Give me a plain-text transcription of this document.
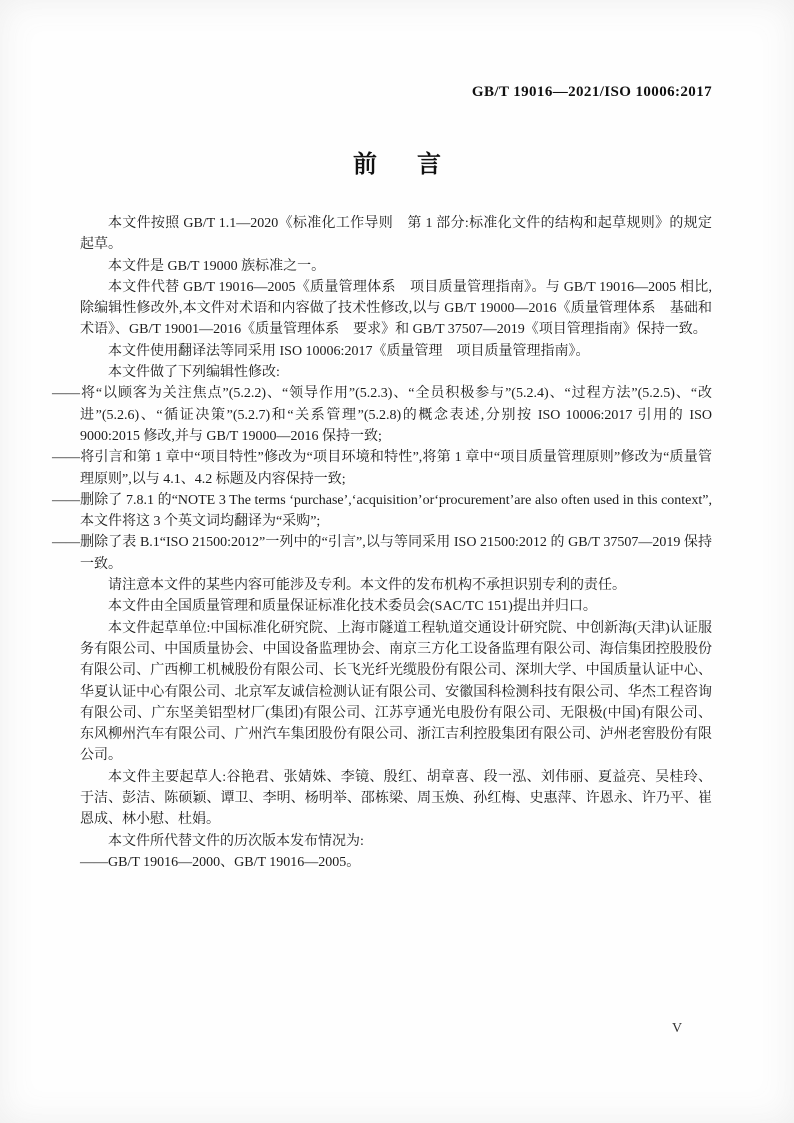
GB/T 19016—2021/ISO 10006:2017
前 言

本文件按照 GB/T 1.1—2020《标准化工作导则　第 1 部分:标准化文件的结构和起草规则》的规定起草。

本文件是 GB/T 19000 族标准之一。

本文件代替 GB/T 19016—2005《质量管理体系　项目质量管理指南》。与 GB/T 19016—2005 相比,除编辑性修改外,本文件对术语和内容做了技术性修改,以与 GB/T 19000—2016《质量管理体系　基础和术语》、GB/T 19001—2016《质量管理体系　要求》和 GB/T 37507—2019《项目管理指南》保持一致。

本文件使用翻译法等同采用 ISO 10006:2017《质量管理　项目质量管理指南》。

本文件做了下列编辑性修改:

——将“以顾客为关注焦点”(5.2.2)、“领导作用”(5.2.3)、“全员积极参与”(5.2.4)、“过程方法”(5.2.5)、“改进”(5.2.6)、“循证决策”(5.2.7)和“关系管理”(5.2.8)的概念表述,分别按 ISO 10006:2017 引用的 ISO 9000:2015 修改,并与 GB/T 19000—2016 保持一致;

——将引言和第 1 章中“项目特性”修改为“项目环境和特性”,将第 1 章中“项目质量管理原则”修改为“质量管理原则”,以与 4.1、4.2 标题及内容保持一致;

——删除了 7.8.1 的“NOTE 3 The terms ‘purchase’,‘acquisition’or‘procurement’are also often used in this context”,本文件将这 3 个英文词均翻译为“采购”;

——删除了表 B.1“ISO 21500:2012”一列中的“引言”,以与等同采用 ISO 21500:2012 的 GB/T 37507—2019 保持一致。

请注意本文件的某些内容可能涉及专利。本文件的发布机构不承担识别专利的责任。

本文件由全国质量管理和质量保证标准化技术委员会(SAC/TC 151)提出并归口。

本文件起草单位:中国标准化研究院、上海市隧道工程轨道交通设计研究院、中创新海(天津)认证服务有限公司、中国质量协会、中国设备监理协会、南京三方化工设备监理有限公司、海信集团控股股份有限公司、广西柳工机械股份有限公司、长飞光纤光缆股份有限公司、深圳大学、中国质量认证中心、华夏认证中心有限公司、北京军友诚信检测认证有限公司、安徽国科检测科技有限公司、华杰工程咨询有限公司、广东坚美铝型材厂(集团)有限公司、江苏亨通光电股份有限公司、无限极(中国)有限公司、东风柳州汽车有限公司、广州汽车集团股份有限公司、浙江吉利控股集团有限公司、泸州老窖股份有限公司。

本文件主要起草人:谷艳君、张婧姝、李镜、殷红、胡章喜、段一泓、刘伟丽、夏益亮、吴桂玲、于洁、彭洁、陈硕颖、谭卫、李明、杨明举、邵栋梁、周玉焕、孙红梅、史惠萍、许恩永、许乃平、崔恩成、林小慰、杜娟。

本文件所代替文件的历次版本发布情况为:

——GB/T 19016—2000、GB/T 19016—2005。

V
